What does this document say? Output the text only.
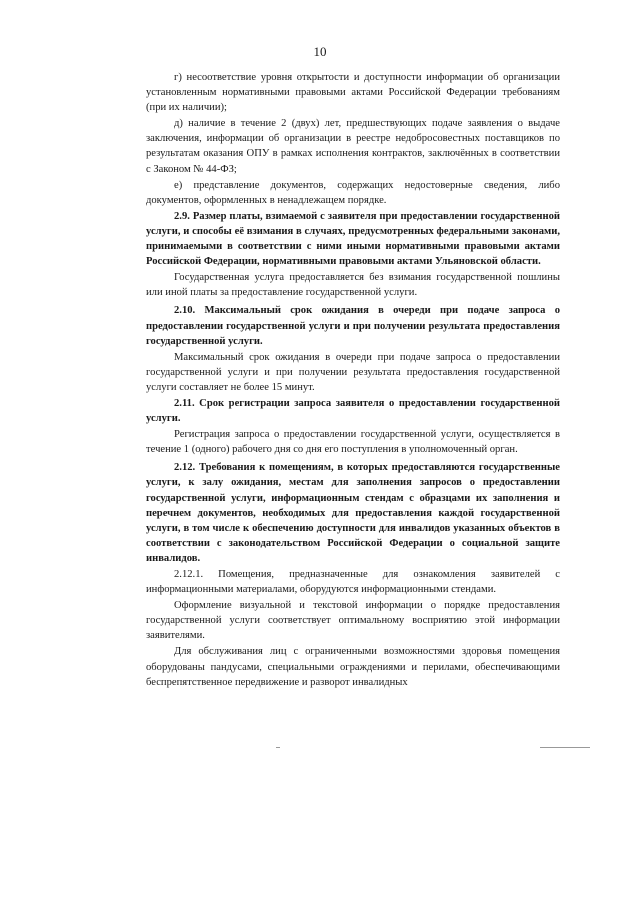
10

г) несоответствие уровня открытости и доступности информации об организации установленным нормативными правовыми актами Российской Федерации требованиям (при их наличии);

д) наличие в течение 2 (двух) лет, предшествующих подаче заявления о выдаче заключения, информации об организации в реестре недобросовестных поставщиков по результатам оказания ОПУ в рамках исполнения контрактов, заключённых в соответствии с Законом № 44-ФЗ;

е) представление документов, содержащих недостоверные сведения, либо документов, оформленных в ненадлежащем порядке.

2.9. Размер платы, взимаемой с заявителя при предоставлении государственной услуги, и способы её взимания в случаях, предусмотренных федеральными законами, принимаемыми в соответствии с ними иными нормативными правовыми актами Российской Федерации, нормативными правовыми актами Ульяновской области.

Государственная услуга предоставляется без взимания государственной пошлины или иной платы за предоставление государственной услуги.

2.10. Максимальный срок ожидания в очереди при подаче запроса о предоставлении государственной услуги и при получении результата предоставления государственной услуги.

Максимальный срок ожидания в очереди при подаче запроса о предоставлении государственной услуги и при получении результата предоставления государственной услуги составляет не более 15 минут.

2.11. Срок регистрации запроса заявителя о предоставлении государственной услуги.

Регистрация запроса о предоставлении государственной услуги, осуществляется в течение 1 (одного) рабочего дня со дня его поступления в уполномоченный орган.

2.12. Требования к помещениям, в которых предоставляются государственные услуги, к залу ожидания, местам для заполнения запросов о предоставлении государственной услуги, информационным стендам с образцами их заполнения и перечнем документов, необходимых для предоставления каждой государственной услуги, в том числе к обеспечению доступности для инвалидов указанных объектов в соответствии с законодательством Российской Федерации о социальной защите инвалидов.

2.12.1. Помещения, предназначенные для ознакомления заявителей с информационными материалами, оборудуются информационными стендами.

Оформление визуальной и текстовой информации о порядке предоставления государственной услуги соответствует оптимальному восприятию этой информации заявителями.

Для обслуживания лиц с ограниченными возможностями здоровья помещения оборудованы пандусами, специальными ограждениями и перилами, обеспечивающими беспрепятственное передвижение и разворот инвалидных
